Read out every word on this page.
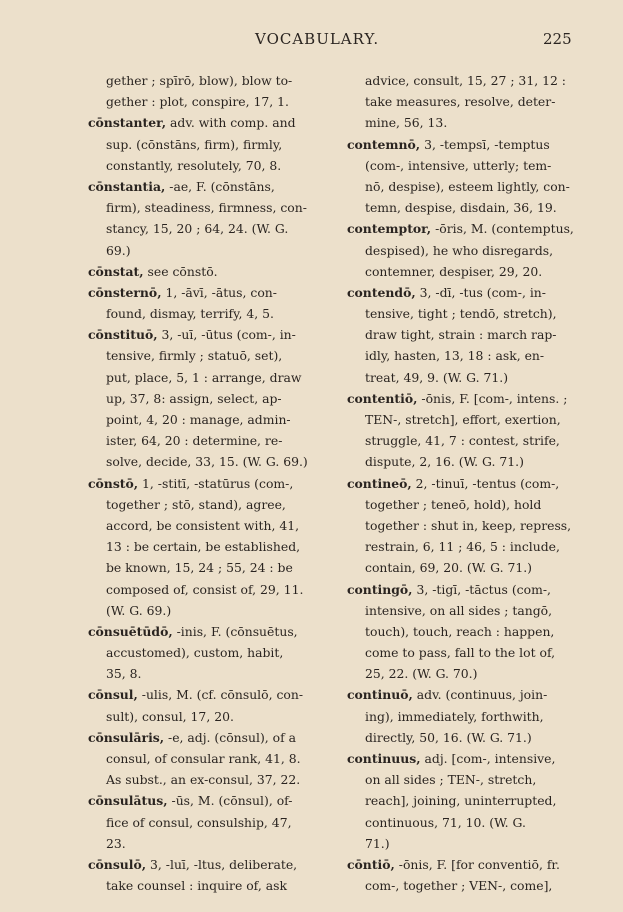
VOCABULARY.	225
gether ; spīrō, blow), blow to-
gether : plot, conspire, 17, 1.
cōnstanter, adv. with comp. and
sup. (cōnstāns, firm), firmly,
constantly, resolutely, 70, 8.
cōnstantia, -ae, F. (cōnstāns,
firm), steadiness, firmness, con-
stancy, 15, 20 ; 64, 24. (W. G.
69.)
cōnstat, see cōnstō.
cōnsternō, 1, -āvī, -ātus, con-
found, dismay, terrify, 4, 5.
cōnstituō, 3, -uī, -ūtus (com-, in-
tensive, firmly ; statuō, set),
put, place, 5, 1 : arrange, draw
up, 37, 8: assign, select, ap-
point, 4, 20 : manage, admin-
ister, 64, 20 : determine, re-
solve, decide, 33, 15. (W. G. 69.)
cōnstō, 1, -stitī, -statūrus (com-,
together ; stō, stand), agree,
accord, be consistent with, 41,
13 : be certain, be established,
be known, 15, 24 ; 55, 24 : be
composed of, consist of, 29, 11.
(W. G. 69.)
cōnsuētūdō, -inis, F. (cōnsuētus,
accustomed), custom, habit,
35, 8.
cōnsul, -ulis, M. (cf. cōnsulō, con-
sult), consul, 17, 20.
cōnsulāris, -e, adj. (cōnsul), of a
consul, of consular rank, 41, 8.
As subst., an ex-consul, 37, 22.
cōnsulātus, -ūs, M. (cōnsul), of-
fice of consul, consulship, 47,
23.
cōnsulō, 3, -luī, -ltus, deliberate,
take counsel : inquire of, ask
advice, consult, 15, 27 ; 31, 12 :
take measures, resolve, deter-
mine, 56, 13.
contemnō, 3, -tempsī, -temptus
(com-, intensive, utterly; tem-
nō, despise), esteem lightly, con-
temn, despise, disdain, 36, 19.
contemptor, -ōris, M. (contemptus,
despised), he who disregards,
contemner, despiser, 29, 20.
contendō, 3, -dī, -tus (com-, in-
tensive, tight ; tendō, stretch),
draw tight, strain : march rap-
idly, hasten, 13, 18 : ask, en-
treat, 49, 9. (W. G. 71.)
contentiō, -ōnis, F. [com-, intens. ;
TEN-, stretch], effort, exertion,
struggle, 41, 7 : contest, strife,
dispute, 2, 16. (W. G. 71.)
contineō, 2, -tinuī, -tentus (com-,
together ; teneō, hold), hold
together : shut in, keep, repress,
restrain, 6, 11 ; 46, 5 : include,
contain, 69, 20. (W. G. 71.)
contingō, 3, -tigī, -tāctus (com-,
intensive, on all sides ; tangō,
touch), touch, reach : happen,
come to pass, fall to the lot of,
25, 22. (W. G. 70.)
continuō, adv. (continuus, join-
ing), immediately, forthwith,
directly, 50, 16. (W. G. 71.)
continuus, adj. [com-, intensive,
on all sides ; TEN-, stretch,
reach], joining, uninterrupted,
continuous, 71, 10. (W. G.
71.)
cōntiō, -ōnis, F. [for conventiō, fr.
com-, together ; VEN-, come],
